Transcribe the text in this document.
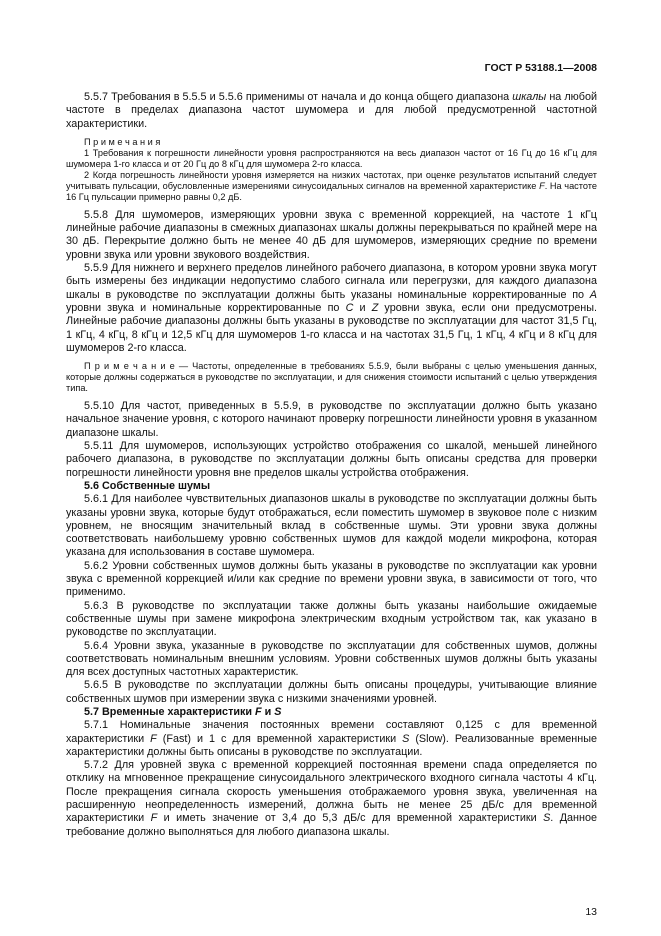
ГОСТ Р 53188.1—2008

5.5.7 Требования в 5.5.5 и 5.5.6 применимы от начала и до конца общего диапазона шкалы на любой частоте в пределах диапазона частот шумомера и для любой предусмотренной частотной характеристики.

П р и м е ч а н и я

1 Требования к погрешности линейности уровня распространяются на весь диапазон частот от 16 Гц до 16 кГц для шумомера 1-го класса и от 20 Гц до 8 кГц для шумомера 2-го класса.

2 Когда погрешность линейности уровня измеряется на низких частотах, при оценке результатов испытаний следует учитывать пульсации, обусловленные измерениями синусоидальных сигналов на временной характеристике F. На частоте 16 Гц пульсации примерно равны 0,2 дБ.

5.5.8 Для шумомеров, измеряющих уровни звука с временной коррекцией, на частоте 1 кГц линейные рабочие диапазоны в смежных диапазонах шкалы должны перекрываться по крайней мере на 30 дБ. Перекрытие должно быть не менее 40 дБ для шумомеров, измеряющих средние по времени уровни звука или уровни звукового воздействия.

5.5.9 Для нижнего и верхнего пределов линейного рабочего диапазона, в котором уровни звука могут быть измерены без индикации недопустимо слабого сигнала или перегрузки, для каждого диапазона шкалы в руководстве по эксплуатации должны быть указаны номинальные корректированные по A уровни звука и номинальные корректированные по C и Z уровни звука, если они предусмотрены. Линейные рабочие диапазоны должны быть указаны в руководстве по эксплуатации для частот 31,5 Гц, 1 кГц, 4 кГц, 8 кГц и 12,5 кГц для шумомеров 1-го класса и на частотах 31,5 Гц, 1 кГц, 4 кГц и 8 кГц для шумомеров 2-го класса.

П р и м е ч а н и е — Частоты, определенные в требованиях 5.5.9, были выбраны с целью уменьшения данных, которые должны содержаться в руководстве по эксплуатации, и для снижения стоимости испытаний с целью утверждения типа.

5.5.10 Для частот, приведенных в 5.5.9, в руководстве по эксплуатации должно быть указано начальное значение уровня, с которого начинают проверку погрешности линейности уровня в указанном диапазоне шкалы.

5.5.11 Для шумомеров, использующих устройство отображения со шкалой, меньшей линейного рабочего диапазона, в руководстве по эксплуатации должны быть описаны средства для проверки погрешности линейности уровня вне пределов шкалы устройства отображения.

5.6 Собственные шумы

5.6.1 Для наиболее чувствительных диапазонов шкалы в руководстве по эксплуатации должны быть указаны уровни звука, которые будут отображаться, если поместить шумомер в звуковое поле с низким уровнем, не вносящим значительный вклад в собственные шумы. Эти уровни звука должны соответствовать наибольшему уровню собственных шумов для каждой модели микрофона, которая указана для использования в составе шумомера.

5.6.2 Уровни собственных шумов должны быть указаны в руководстве по эксплуатации как уровни звука с временной коррекцией и/или как средние по времени уровни звука, в зависимости от того, что применимо.

5.6.3 В руководстве по эксплуатации также должны быть указаны наибольшие ожидаемые собственные шумы при замене микрофона электрическим входным устройством так, как указано в руководстве по эксплуатации.

5.6.4 Уровни звука, указанные в руководстве по эксплуатации для собственных шумов, должны соответствовать номинальным внешним условиям. Уровни собственных шумов должны быть указаны для всех доступных частотных характеристик.

5.6.5 В руководстве по эксплуатации должны быть описаны процедуры, учитывающие влияние собственных шумов при измерении звука с низкими значениями уровней.

5.7 Временные характеристики F и S

5.7.1 Номинальные значения постоянных времени составляют 0,125 с для временной характеристики F (Fast) и 1 с для временной характеристики S (Slow). Реализованные временные характеристики должны быть описаны в руководстве по эксплуатации.

5.7.2 Для уровней звука с временной коррекцией постоянная времени спада определяется по отклику на мгновенное прекращение синусоидального электрического входного сигнала частоты 4 кГц. После прекращения сигнала скорость уменьшения отображаемого уровня звука, увеличенная на расширенную неопределенность измерений, должна быть не менее 25 дБ/с для временной характеристики F и иметь значение от 3,4 до 5,3 дБ/с для временной характеристики S. Данное требование должно выполняться для любого диапазона шкалы.

13
